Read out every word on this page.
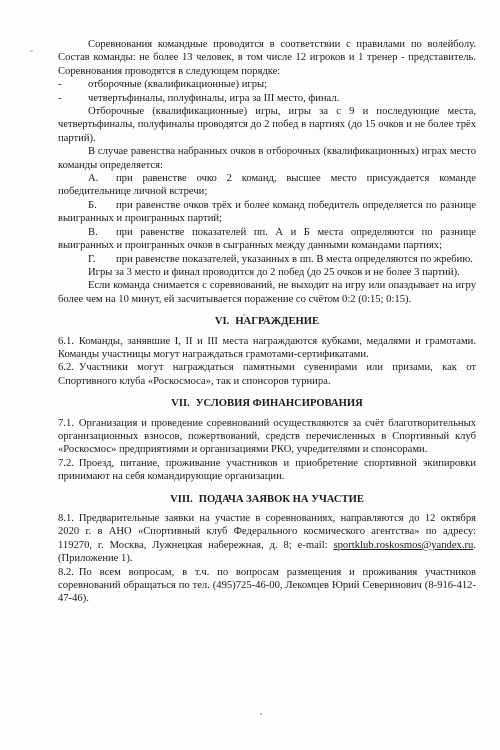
Соревнования командные проводятся в соответствии с правилами по волейболу. Состав команды: не более 13 человек, в том числе 12 игроков и 1 тренер - представитель. Соревнования проводятся в следующем порядке:

-	отборочные (квалификационные) игры;
-	четвертьфиналы, полуфиналы, игра за III место, финал.

Отборочные (квалификационные) игры, игры за с 9 и последующие места, четвертьфиналы, полуфиналы проводятся до 2 побед в партиях (до 15 очков и не более трёх партий).

В случае равенства набранных очков в отборочных (квалификационных) играх место команды определяется:

А. при равенстве очко 2 команд, высшее место присуждается команде победительнице личной встречи;

Б. при равенстве очков трёх и более команд победитель определяется по разнице выигранных и проигранных партий;

В. при равенстве показателей пп. А и Б места определяются по разнице выигранных и проигранных очков в сыгранных между данными командами партиях;

Г. при равенстве показателей, указанных в пп. В места определяются по жребию.

Игры за 3 место и финал проводится до 2 побед (до 25 очков и не более 3 партий).

Если команда снимается с соревнований, не выходит на игру или опаздывает на игру более чем на 10 минут, ей засчитывается поражение со счётом 0:2 (0:15; 0:15).

VI. НАГРАЖДЕНИЕ

6.1. Команды, занявшие I, II и III места награждаются кубками, медалями и грамотами. Команды участницы могут награждаться грамотами-сертификатами.

6.2. Участники могут награждаться памятными сувенирами или призами, как от Спортивного клуба «Роскосмоса», так и спонсоров турнира.

VII. УСЛОВИЯ ФИНАНСИРОВАНИЯ

7.1. Организация и проведение соревнований осуществляются за счёт благотворительных организационных взносов, пожертвований, средств перечисленных в Спортивный клуб «Роскосмос» предприятиями и организациями РКО, учредителями и спонсорами.

7.2. Проезд, питание, проживание участников и приобретение спортивной экипировки принимают на себя командирующие организации.

VIII. ПОДАЧА ЗАЯВОК НА УЧАСТИЕ

8.1. Предварительные заявки на участие в соревнованиях, направляются до 12 октября 2020 г. в АНО «Спортивный клуб Федерального космического агентства» по адресу: 119270, г. Москва, Лужнецкая набережная, д. 8; e-mail: sportklub.roskosmos@yandex.ru. (Приложение 1).

8.2. По всем вопросам, в т.ч. по вопросам размещения и проживания участников соревнований обращаться по тел. (495)725-46-00, Лекомцев Юрий Северинович (8-916-412-47-46).
